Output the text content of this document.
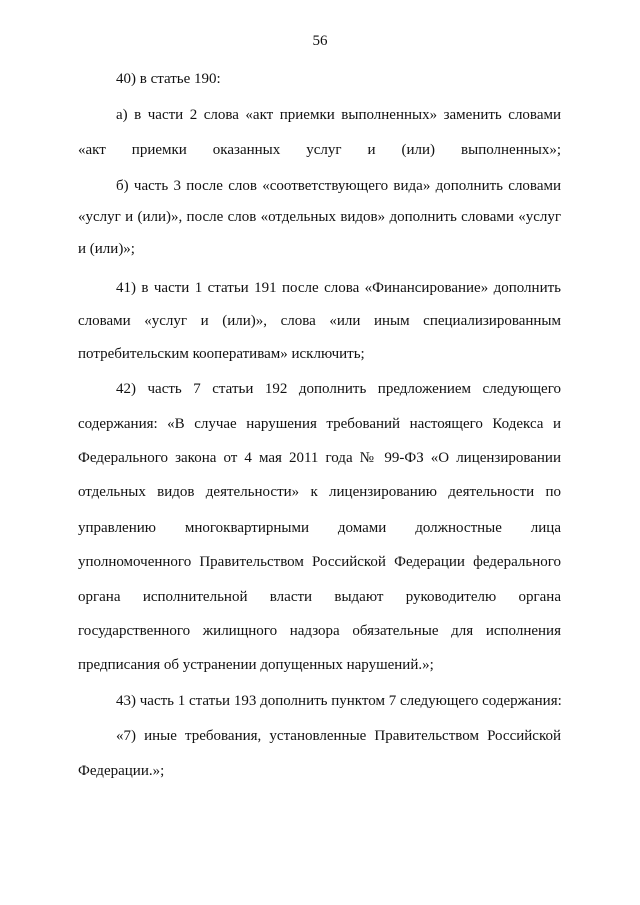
56
40) в статье 190:
а) в части 2 слова «акт приемки выполненных» заменить словами
«акт приемки оказанных услуг и (или) выполненных»;
б) часть 3 после слов «соответствующего вида» дополнить словами
«услуг и (или)», после слов «отдельных видов» дополнить словами «услуг
и (или)»;
41) в части 1 статьи 191 после слова «Финансирование» дополнить
словами «услуг и (или)», слова «или иным специализированным
потребительским кооперативам» исключить;
42) часть 7 статьи 192 дополнить предложением следующего
содержания: «В случае нарушения требований настоящего Кодекса и
Федерального закона от 4 мая 2011 года № 99-ФЗ «О лицензировании
отдельных видов деятельности» к лицензированию деятельности по
управлению многоквартирными домами должностные лица
уполномоченного Правительством Российской Федерации федерального
органа исполнительной власти выдают руководителю органа
государственного жилищного надзора обязательные для исполнения
предписания об устранении допущенных нарушений.»;
43) часть 1 статьи 193 дополнить пунктом 7 следующего содержания:
«7) иные требования, установленные Правительством Российской
Федерации.»;
